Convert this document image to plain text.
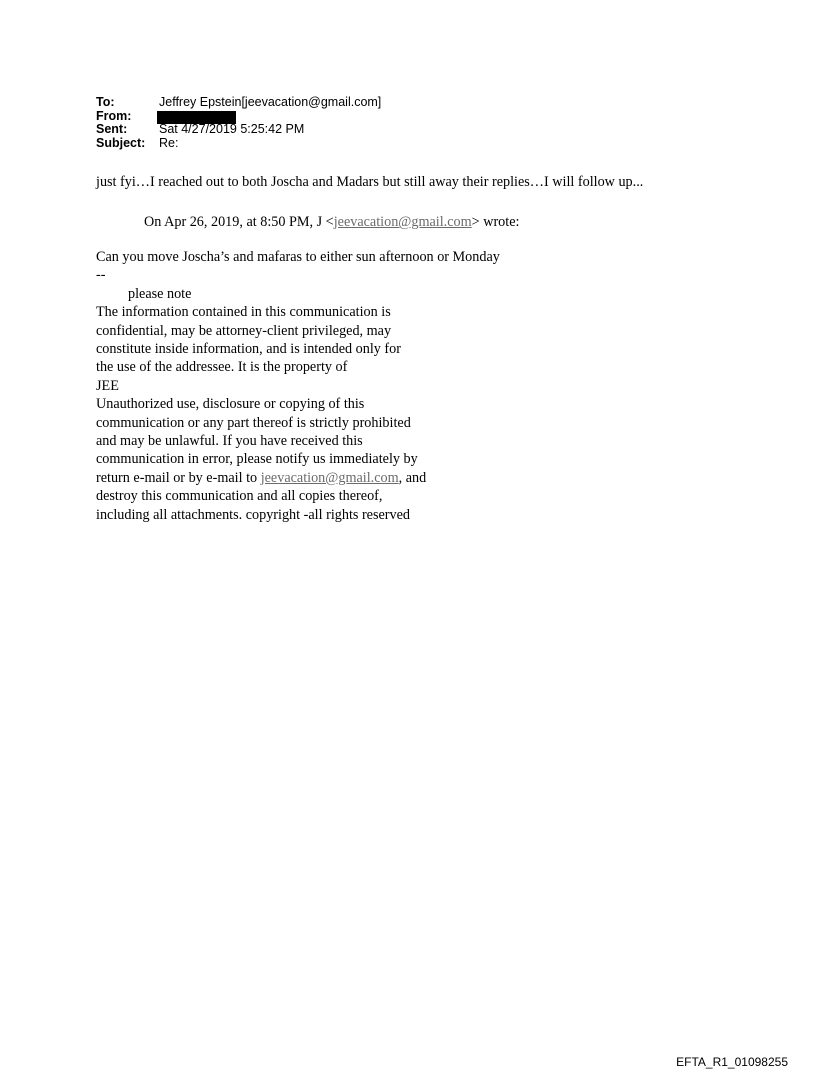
To:	Jeffrey Epstein[jeevacation@gmail.com]
From:
Sent:	Sat 4/27/2019 5:25:42 PM
Subject: Re:
just fyi…I reached out to both Joscha and Madars but still away their replies…I will follow up...
On Apr 26, 2019, at 8:50 PM, J <jeevacation@gmail.com> wrote:
Can you move Joscha’s and mafaras to either sun afternoon or Monday
--
please note
The information contained in this communication is
confidential, may be attorney-client privileged, may
constitute inside information, and is intended only for
the use of the addressee. It is the property of
JEE
Unauthorized use, disclosure or copying of this
communication or any part thereof is strictly prohibited
and may be unlawful. If you have received this
communication in error, please notify us immediately by
return e-mail or by e-mail to jeevacation@gmail.com, and
destroy this communication and all copies thereof,
including all attachments. copyright -all rights reserved
EFTA_R1_01098255
